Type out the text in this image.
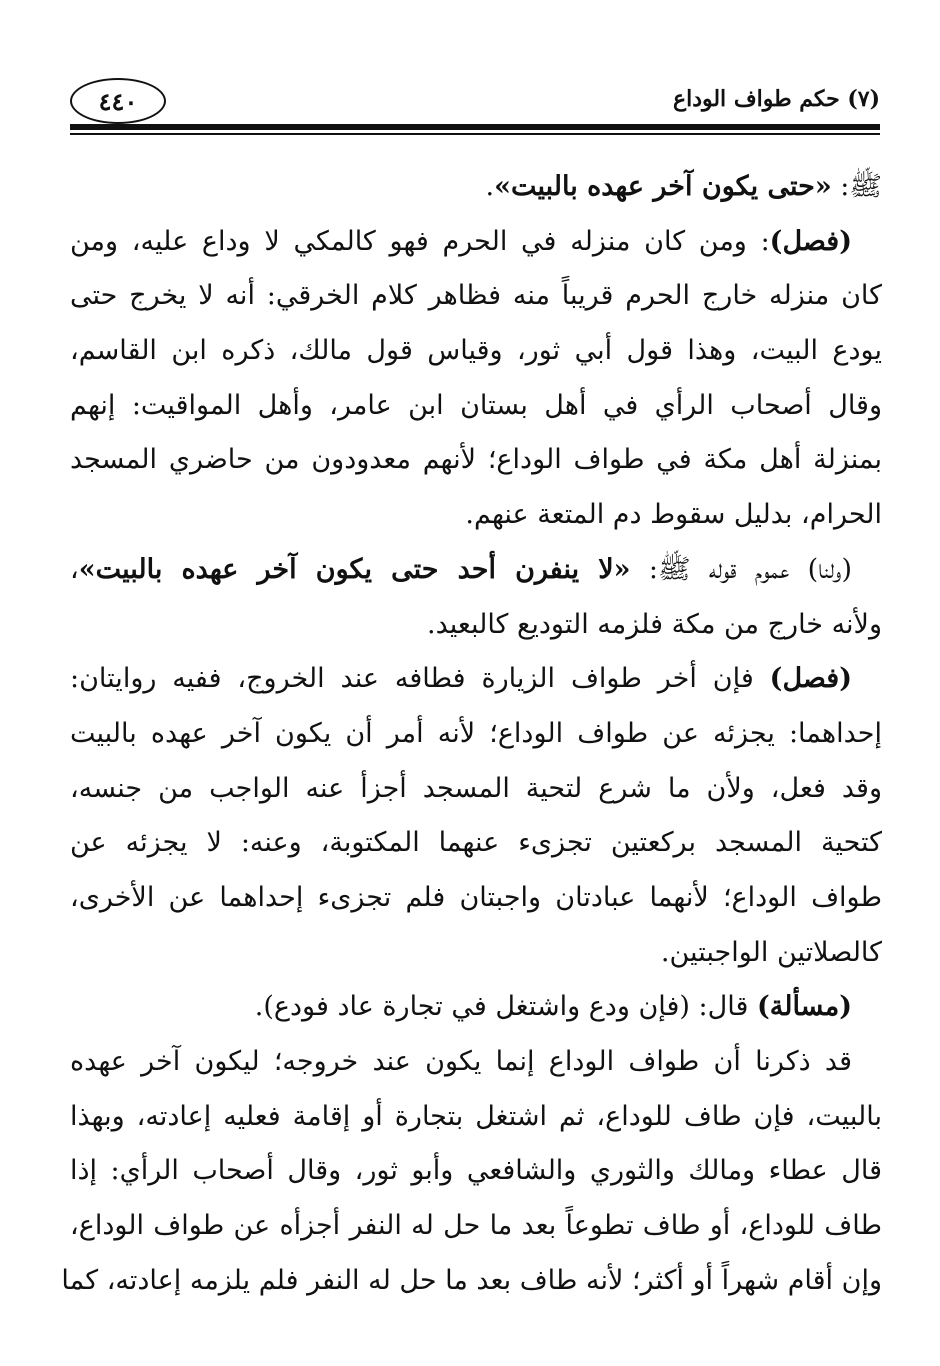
٤٤٠	(٧) حكم طواف الوداع
ﷺ: «حتى يكون آخر عهده بالبيت».
(فصل): ومن كان منزله في الحرم فهو كالمكي لا وداع عليه، ومن
كان منزله خارج الحرم قريباً منه فظاهر كلام الخرقي: أنه لا يخرج حتى
يودع البيت، وهذا قول أبي ثور، وقياس قول مالك، ذكره ابن القاسم،
وقال أصحاب الرأي في أهل بستان ابن عامر، وأهل المواقيت: إنهم
بمنزلة أهل مكة في طواف الوداع؛ لأنهم معدودون من حاضري المسجد
الحرام، بدليل سقوط دم المتعة عنهم.
(ولنا) عموم قوله ﷺ: «لا ينفرن أحد حتى يكون آخر عهده بالبيت»،
ولأنه خارج من مكة فلزمه التوديع كالبعيد.
(فصل) فإن أخر طواف الزيارة فطافه عند الخروج، ففيه روايتان:
إحداهما: يجزئه عن طواف الوداع؛ لأنه أمر أن يكون آخر عهده بالبيت
وقد فعل، ولأن ما شرع لتحية المسجد أجزأ عنه الواجب من جنسه،
كتحية المسجد بركعتين تجزىء عنهما المكتوبة، وعنه: لا يجزئه عن
طواف الوداع؛ لأنهما عبادتان واجبتان فلم تجزىء إحداهما عن الأخرى،
كالصلاتين الواجبتين.
(مسألة) قال: (فإن ودع واشتغل في تجارة عاد فودع).
قد ذكرنا أن طواف الوداع إنما يكون عند خروجه؛ ليكون آخر عهده
بالبيت، فإن طاف للوداع، ثم اشتغل بتجارة أو إقامة فعليه إعادته، وبهذا
قال عطاء ومالك والثوري والشافعي وأبو ثور، وقال أصحاب الرأي: إذا
طاف للوداع، أو طاف تطوعاً بعد ما حل له النفر أجزأه عن طواف الوداع،
وإن أقام شهراً أو أكثر؛ لأنه طاف بعد ما حل له النفر فلم يلزمه إعادته، كما
